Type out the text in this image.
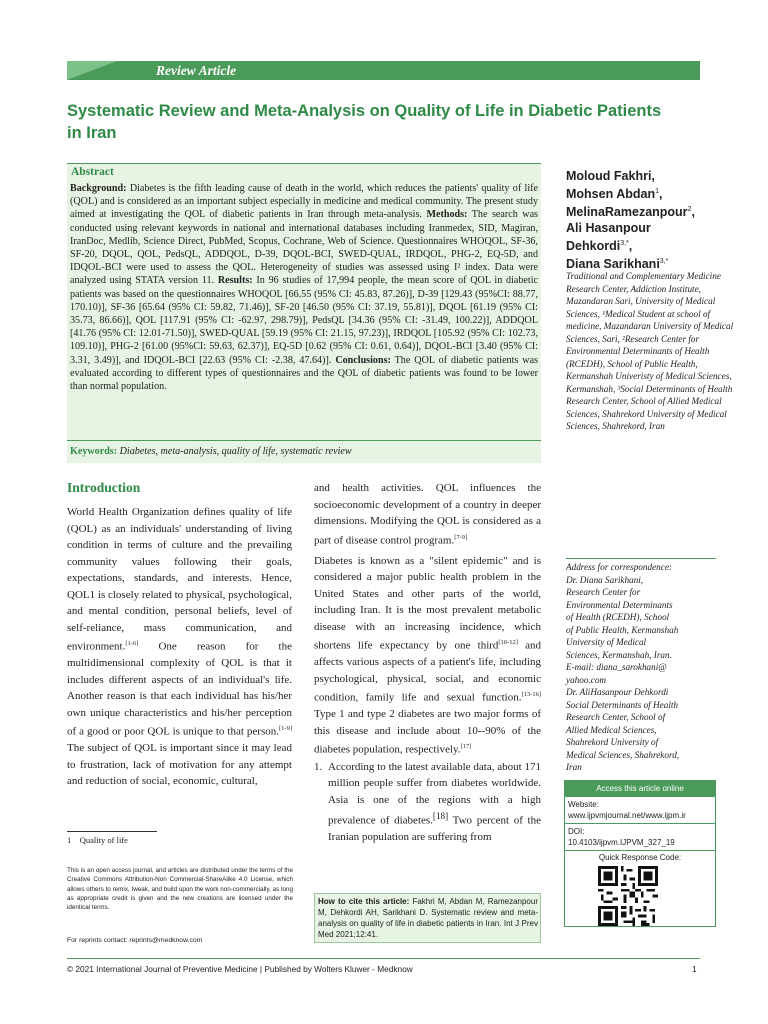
Review Article
Systematic Review and Meta-Analysis on Quality of Life in Diabetic Patients in Iran
Abstract
Background: Diabetes is the fifth leading cause of death in the world, which reduces the patients' quality of life (QOL) and is considered as an important subject especially in medicine and medical community. The present study aimed at investigating the QOL of diabetic patients in Iran through meta-analysis. Methods: The search was conducted using relevant keywords in national and international databases including Iranmedex, SID, Magiran, IranDoc, Medlib, Science Direct, PubMed, Scopus, Cochrane, Web of Science. Questionnaires WHOQOL, SF-36, SF-20, DQOL, QOL, PedsQL, ADDQOL, D-39, DQOL-BCI, SWED-QUAL, IRDQOL, PHG-2, EQ-5D, and IDQOL-BCI were used to assess the QOL. Heterogeneity of studies was assessed using I² index. Data were analyzed using STATA version 11. Results: In 96 studies of 17,994 people, the mean score of QOL in diabetic patients was based on the questionnaires WHOQOL [66.55 (95% CI: 45.83, 87.26)], D-39 [129.43 (95%CI: 88.77, 170.10)], SF-36 [65.64 (95% CI: 59.82, 71.46)], SF-20 [46.50 (95% CI: 37.19, 55.81)], DQOL [61.19 (95% CI: 35.73, 86.66)], QOL [117.91 (95% CI: -62.97, 298.79)], PedsQL [34.36 (95% CI: -31.49, 100.22)], ADDQOL [41.76 (95% CI: 12.01-71.50)], SWED-QUAL [59.19 (95% CI: 21.15, 97.23)], IRDQOL [105.92 (95% CI: 102.73, 109.10)], PHG-2 [61.00 (95%CI: 59.63, 62.37)], EQ-5D [0.62 (95% CI: 0.61, 0.64)], DQOL-BCI [3.40 (95% CI: 3.31, 3.49)], and IDQOL-BCI [22.63 (95% CI: -2.38, 47.64)]. Conclusions: The QOL of diabetic patients was evaluated according to different types of questionnaires and the QOL of diabetic patients was found to be lower than normal population.
Keywords: Diabetes, meta-analysis, quality of life, systematic review
Moloud Fakhri,
Mohsen Abdan$^1$,
MelinaRamezanpour$^2$,
Ali Hasanpour
Dehkordi$^{3,*}$,
Diana Sarikhani$^{3,*}$
Traditional and Complementary Medicine Research Center, Addiction Institute, Mazandaran Sari, University of Medical Sciences, ¹Medical Student at school of medicine, Mazandaran University of Medical Sciences, Sari, ²Research Center for Environmental Determinants of Health (RCEDH), School of Public Health, Kermanshah Univeristy of Medical Sciences, Kermanshah, ³Social Determinants of Health Research Center, School of Allied Medical Sciences, Shahrekord University of Medical Sciences, Shahrekord, Iran
Address for correspondence:
Dr. Diana Sarikhani,
Research Center for
Environmental Determinants
of Health (RCEDH), School
of Public Health, Kermanshah
University of Medical
Sciences, Kermanshah, Iran.
E-mail: diana_sarokhani@
yahoo.com
Dr. AliHasanpour Dehkordi
Social Determinants of Health
Research Center, School of
Allied Medical Sciences,
Shahrekord University of
Medical Sciences, Shahrekord,
Iran
Access this article online
Website:
www.ijpvmjournal.net/www.ijpm.ir
DOI:
10.4103/ijpvm.IJPVM_327_19
Quick Response Code:
Introduction

World Health Organization defines quality of life (QOL) as an individuals' understanding of living condition in terms of culture and the prevailing community values following their goals, expectations, standards, and interests. Hence, QOL1 is closely related to physical, psychological, and mental condition, personal beliefs, level of self-reliance, mass communication, and environment.[1-6] One reason for the multidimensional complexity of QOL is that it includes different aspects of an individual's life. Another reason is that each individual has his/her own unique characteristics and his/her perception of a good or poor QOL is unique to that person.[1-9] The subject of QOL is important since it may lead to frustration, lack of motivation for any attempt and reduction of social, economic, cultural,

and health activities. QOL influences the socioeconomic development of a country in deeper dimensions. Modifying the QOL is considered as a part of disease control program.[7-9]

Diabetes is known as a "silent epidemic" and is considered a major public health problem in the United States and other parts of the world, including Iran. It is the most prevalent metabolic disease with an increasing incidence, which shortens life expectancy by one third[10-12] and affects various aspects of a patient's life, including psychological, physical, social, and economic condition, family life and sexual function.[13-16] Type 1 and type 2 diabetes are two major forms of this disease and include about 10--90% of the diabetes population, respectively.[17]

1. According to the latest available data, about 171 million people suffer from diabetes worldwide. Asia is one of the regions with a high prevalence of diabetes.[18] Two percent of the Iranian population are suffering from
1    Quality of life
This is an open access journal, and articles are distributed under the terms of the Creative Commons Attribution-Non Commercial-ShareAlike 4.0 License, which allows others to remix, tweak, and build upon the work non-commercially, as long as appropriate credit is given and the new creations are licensed under the identical terms.
For reprints contact: reprints@medknow.com
How to cite this article: Fakhri M, Abdan M, Ramezanpour M, Dehkordi AH, Sarikhani D. Systematic review and meta-analysis on quality of life in diabetic patients in Iran. Int J Prev Med 2021;12:41.
© 2021 International Journal of Preventive Medicine | Published by Wolters Kluwer - Medknow	1
